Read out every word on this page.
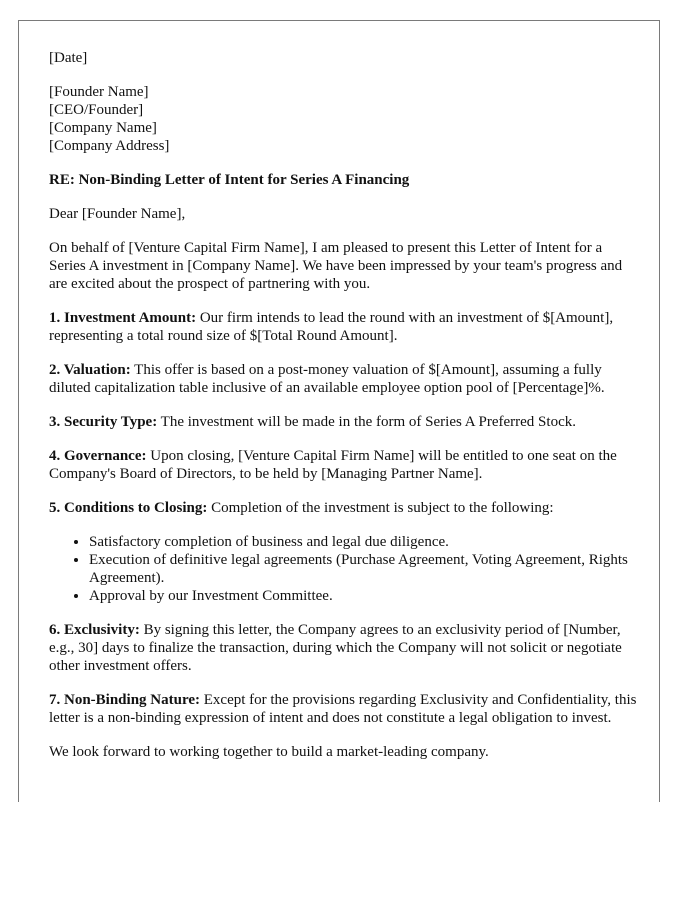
[Date]

[Founder Name]
[CEO/Founder]
[Company Name]
[Company Address]

RE: Non-Binding Letter of Intent for Series A Financing

Dear [Founder Name],

On behalf of [Venture Capital Firm Name], I am pleased to present this Letter of Intent for a Series A investment in [Company Name]. We have been impressed by your team's progress and are excited about the prospect of partnering with you.

1. Investment Amount: Our firm intends to lead the round with an investment of $[Amount], representing a total round size of $[Total Round Amount].

2. Valuation: This offer is based on a post-money valuation of $[Amount], assuming a fully diluted capitalization table inclusive of an available employee option pool of [Percentage]%.

3. Security Type: The investment will be made in the form of Series A Preferred Stock.

4. Governance: Upon closing, [Venture Capital Firm Name] will be entitled to one seat on the Company's Board of Directors, to be held by [Managing Partner Name].

5. Conditions to Closing: Completion of the investment is subject to the following:

• Satisfactory completion of business and legal due diligence.
• Execution of definitive legal agreements (Purchase Agreement, Voting Agreement, Rights Agreement).
• Approval by our Investment Committee.

6. Exclusivity: By signing this letter, the Company agrees to an exclusivity period of [Number, e.g., 30] days to finalize the transaction, during which the Company will not solicit or negotiate other investment offers.

7. Non-Binding Nature: Except for the provisions regarding Exclusivity and Confidentiality, this letter is a non-binding expression of intent and does not constitute a legal obligation to invest.

We look forward to working together to build a market-leading company.
